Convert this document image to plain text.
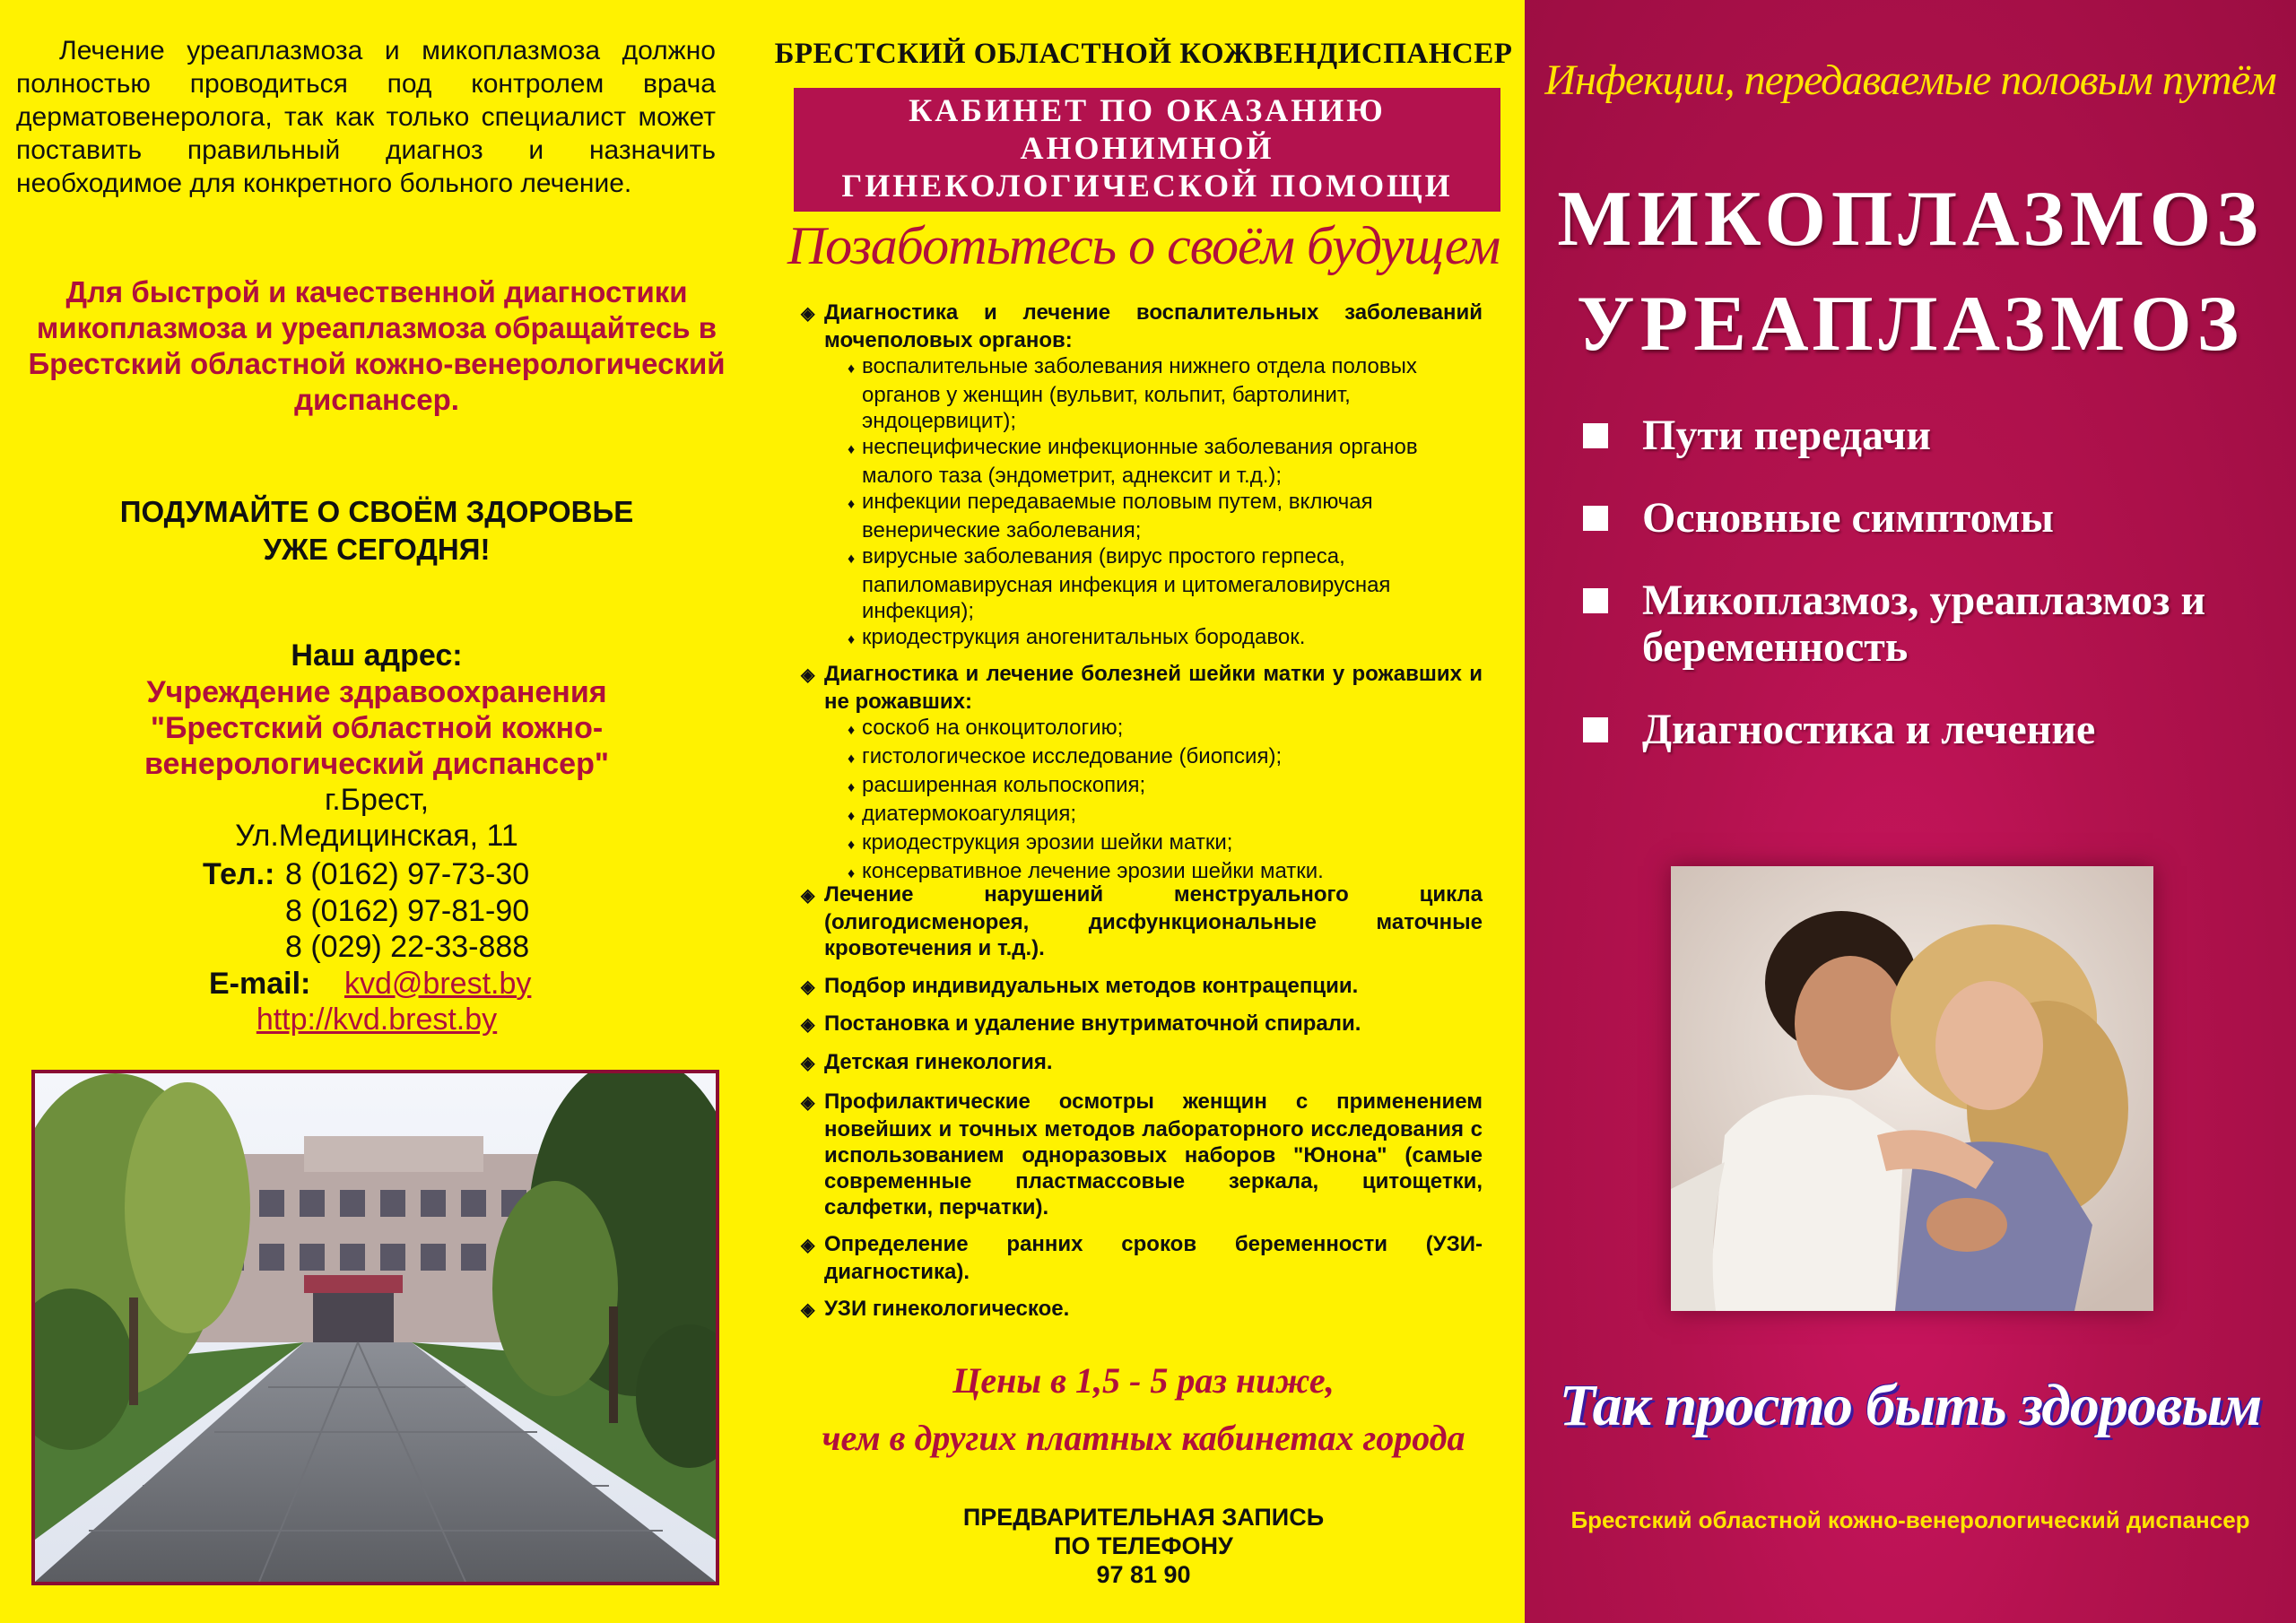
Лечение уреаплазмоза и микоплазмоза должно полностью проводиться под контролем врача дерматовенеролога, так как только специалист может поставить правильный диагноз и назначить необходимое для конкретного больного лечение.

Для быстрой и качественной диагностики микоплазмоза и уреаплазмоза обращайтесь в Брестский областной кожно-венерологический диспансер.

ПОДУМАЙТЕ О СВОЁМ ЗДОРОВЬЕ
УЖЕ СЕГОДНЯ!
Наш адрес:
Учреждение здравоохранения
"Брестский областной кожно-
венерологический диспансер"
г.Брест,
Ул.Медицинская, 11
Тел.: 8 (0162) 97-73-30
8 (0162) 97-81-90
8 (029) 22-33-888
E-mail: kvd@brest.by
http://kvd.brest.by
БРЕСТСКИЙ ОБЛАСТНОЙ КОЖВЕНДИСПАНСЕР
КАБИНЕТ ПО ОКАЗАНИЮ
АНОНИМНОЙ
ГИНЕКОЛОГИЧЕСКОЙ ПОМОЩИ
Позаботьтесь о своём будущем
◈ Диагностика и лечение воспалительных заболеваний мочеполовых органов:
♦ воспалительные заболевания нижнего отдела половых органов у женщин (вульвит, кольпит, бартолинит, эндоцервицит);
♦ неспецифические инфекционные заболевания органов малого таза (эндометрит, аднексит и т.д.);
♦ инфекции передаваемые половым путем, включая венерические заболевания;
♦ вирусные заболевания (вирус простого герпеса, папиломавирусная инфекция и цитомегаловирусная инфекция);
♦ криодеструкция аногенитальных бородавок.
◈ Диагностика и лечение болезней шейки матки у рожавших и не рожавших:
♦ соскоб на онкоцитологию;
♦ гистологическое исследование (биопсия);
♦ расширенная кольпоскопия;
♦ диатермокоагуляция;
♦ криодеструкция эрозии шейки матки;
♦ консервативное лечение эрозии шейки матки.
◈ Лечение нарушений менструального цикла (олигодисменорея, дисфункциональные маточные кровотечения и т.д.).
◈ Подбор индивидуальных методов контрацепции.
◈ Постановка и удаление внутриматочной спирали.
◈ Детская гинекология.
◈ Профилактические осмотры женщин с применением новейших и точных методов лабораторного исследования с использованием одноразовых наборов "Юнона" (самые современные пластмассовые зеркала, цитощетки, салфетки, перчатки).
◈ Определение ранних сроков беременности (УЗИ-диагностика).
◈ УЗИ гинекологическое.
Цены в 1,5 - 5 раз ниже,
чем в других платных кабинетах города
ПРЕДВАРИТЕЛЬНАЯ ЗАПИСЬ
ПО ТЕЛЕФОНУ
97 81 90
Инфекции, передаваемые половым путём
МИКОПЛАЗМОЗ
УРЕАПЛАЗМОЗ
Пути передачи
Основные симптомы
Микоплазмоз, уреаплазмоз и беременность
Диагностика и лечение
Так просто быть здоровым
Брестский областной кожно-венерологический диспансер
